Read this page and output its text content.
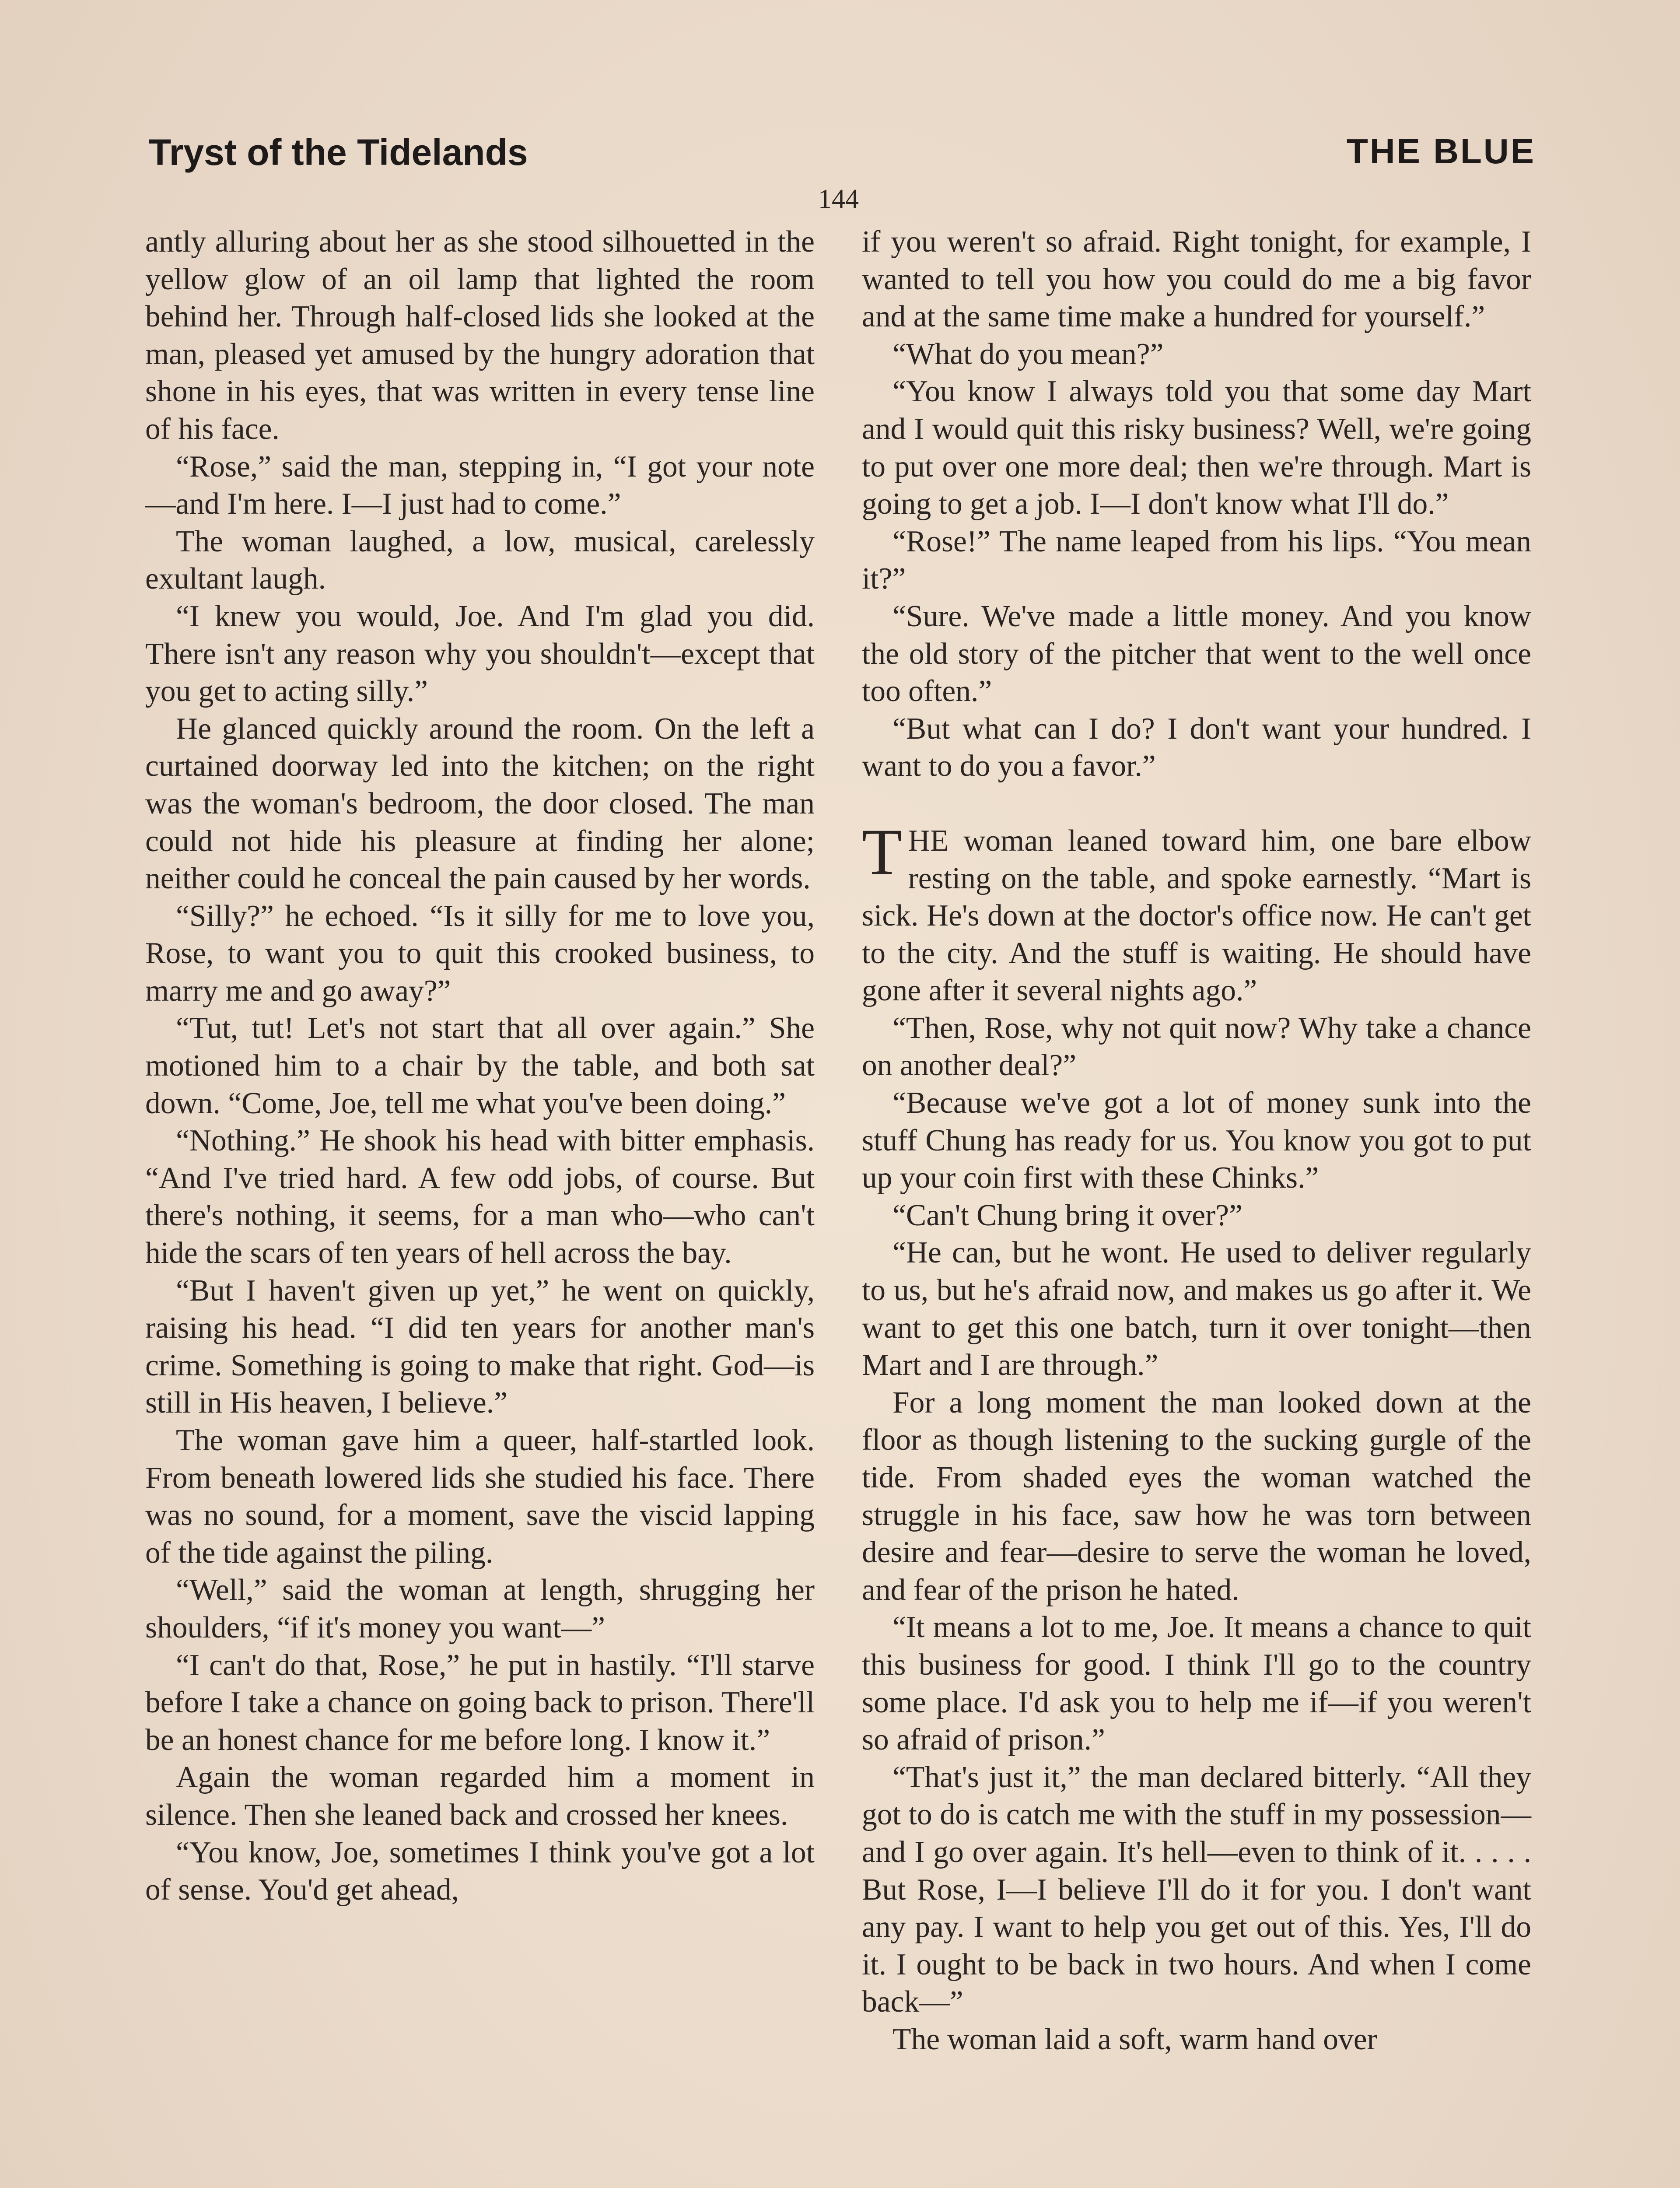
Tryst of the Tidelands	THE BLUE
144

antly alluring about her as she stood silhouetted in the yellow glow of an oil lamp that lighted the room behind her. Through half-closed lids she looked at the man, pleased yet amused by the hungry adoration that shone in his eyes, that was written in every tense line of his face.

“Rose,” said the man, stepping in, “I got your note—and I'm here. I—I just had to come.”

The woman laughed, a low, musical, carelessly exultant laugh.

“I knew you would, Joe. And I'm glad you did. There isn't any reason why you shouldn't—except that you get to acting silly.”

He glanced quickly around the room. On the left a curtained doorway led into the kitchen; on the right was the woman's bedroom, the door closed. The man could not hide his pleasure at finding her alone; neither could he conceal the pain caused by her words.

“Silly?” he echoed. “Is it silly for me to love you, Rose, to want you to quit this crooked business, to marry me and go away?”

“Tut, tut! Let's not start that all over again.” She motioned him to a chair by the table, and both sat down. “Come, Joe, tell me what you've been doing.”

“Nothing.” He shook his head with bitter emphasis. “And I've tried hard. A few odd jobs, of course. But there's nothing, it seems, for a man who—who can't hide the scars of ten years of hell across the bay.

“But I haven't given up yet,” he went on quickly, raising his head. “I did ten years for another man's crime. Something is going to make that right. God—is still in His heaven, I believe.”

The woman gave him a queer, half-startled look. From beneath lowered lids she studied his face. There was no sound, for a moment, save the viscid lapping of the tide against the piling.

“Well,” said the woman at length, shrugging her shoulders, “if it's money you want—”

“I can't do that, Rose,” he put in hastily. “I'll starve before I take a chance on going back to prison. There'll be an honest chance for me before long. I know it.”

Again the woman regarded him a moment in silence. Then she leaned back and crossed her knees.

“You know, Joe, sometimes I think you've got a lot of sense. You'd get ahead,

if you weren't so afraid. Right tonight, for example, I wanted to tell you how you could do me a big favor and at the same time make a hundred for yourself.”

“What do you mean?”

“You know I always told you that some day Mart and I would quit this risky business? Well, we're going to put over one more deal; then we're through. Mart is going to get a job. I—I don't know what I'll do.”

“Rose!” The name leaped from his lips. “You mean it?”

“Sure. We've made a little money. And you know the old story of the pitcher that went to the well once too often.”

“But what can I do? I don't want your hundred. I want to do you a favor.”

THE woman leaned toward him, one bare elbow resting on the table, and spoke earnestly. “Mart is sick. He's down at the doctor's office now. He can't get to the city. And the stuff is waiting. He should have gone after it several nights ago.”

“Then, Rose, why not quit now? Why take a chance on another deal?”

“Because we've got a lot of money sunk into the stuff Chung has ready for us. You know you got to put up your coin first with these Chinks.”

“Can't Chung bring it over?”

“He can, but he wont. He used to deliver regularly to us, but he's afraid now, and makes us go after it. We want to get this one batch, turn it over tonight—then Mart and I are through.”

For a long moment the man looked down at the floor as though listening to the sucking gurgle of the tide. From shaded eyes the woman watched the struggle in his face, saw how he was torn between desire and fear—desire to serve the woman he loved, and fear of the prison he hated.

“It means a lot to me, Joe. It means a chance to quit this business for good. I think I'll go to the country some place. I'd ask you to help me if—if you weren't so afraid of prison.”

“That's just it,” the man declared bitterly. “All they got to do is catch me with the stuff in my possession—and I go over again. It's hell—even to think of it. . . . . But Rose, I—I believe I'll do it for you. I don't want any pay. I want to help you get out of this. Yes, I'll do it. I ought to be back in two hours. And when I come back—”

The woman laid a soft, warm hand over
